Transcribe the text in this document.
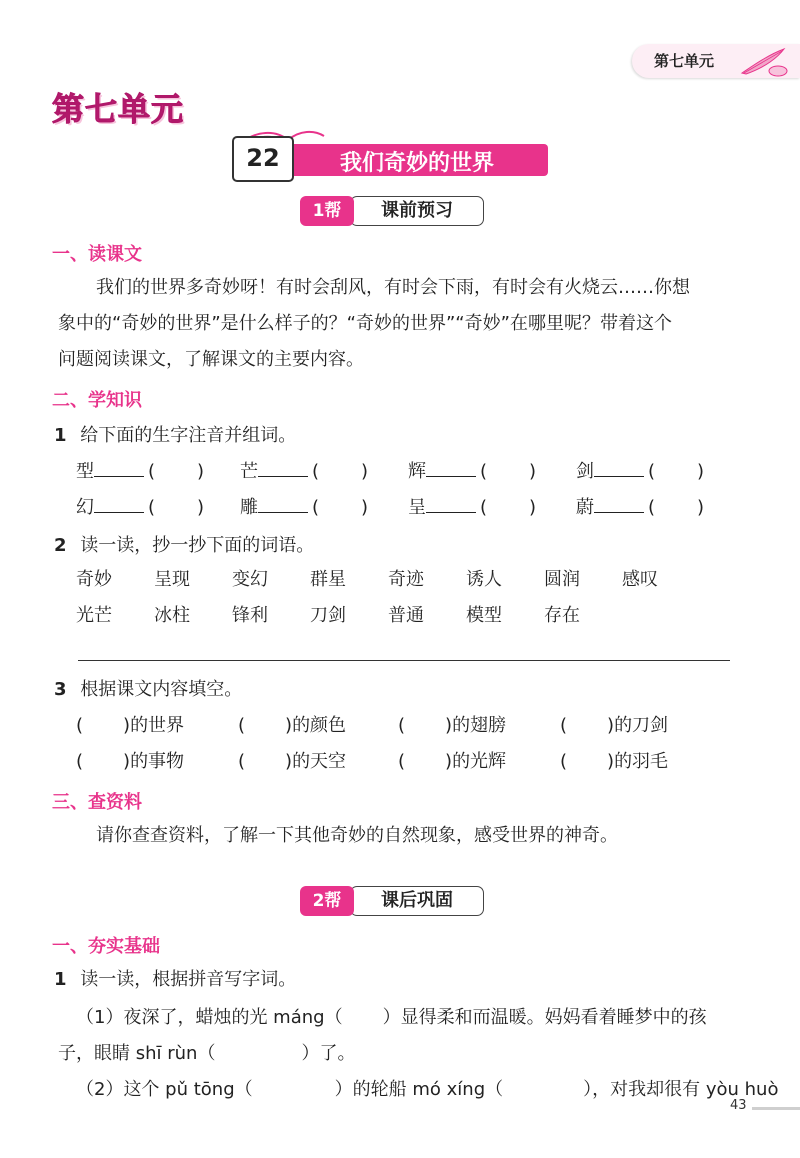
第七单元
第七单元
我们奇妙的世界
22
课前预习
1帮
一、读课文
我们的世界多奇妙呀！有时会刮风，有时会下雨，有时会有火烧云……你想
象中的“奇妙的世界”是什么样子的？“奇妙的世界”“奇妙”在哪里呢？带着这个
问题阅读课文，了解课文的主要内容。
二、学知识
1 给下面的生字注音并组词。
型	( ) 芒	( ) 辉	( ) 剑	( )
幻	( ) 雕	( ) 呈	( ) 蔚	( )
2 读一读，抄一抄下面的词语。
奇妙 呈现 变幻 群星 奇迹 诱人 圆润 感叹
光芒 冰柱 锋利 刀剑 普通 模型 存在
3 根据课文内容填空。
( )的世界	( )的颜色	( )的翅膀	( )的刀剑
( )的事物	( )的天空	( )的光辉	( )的羽毛
三、查资料
请你查查资料，了解一下其他奇妙的自然现象，感受世界的神奇。
课后巩固
2帮
一、夯实基础
1 读一读，根据拼音写字词。
（1）夜深了，蜡烛的光 máng（ ）显得柔和而温暖。妈妈看着睡梦中的孩
子，眼睛 shī rùn（	）了。
（2）这个 pǔ tōng（	）的轮船 mó xíng（	），对我却很有 yòu huò
43
